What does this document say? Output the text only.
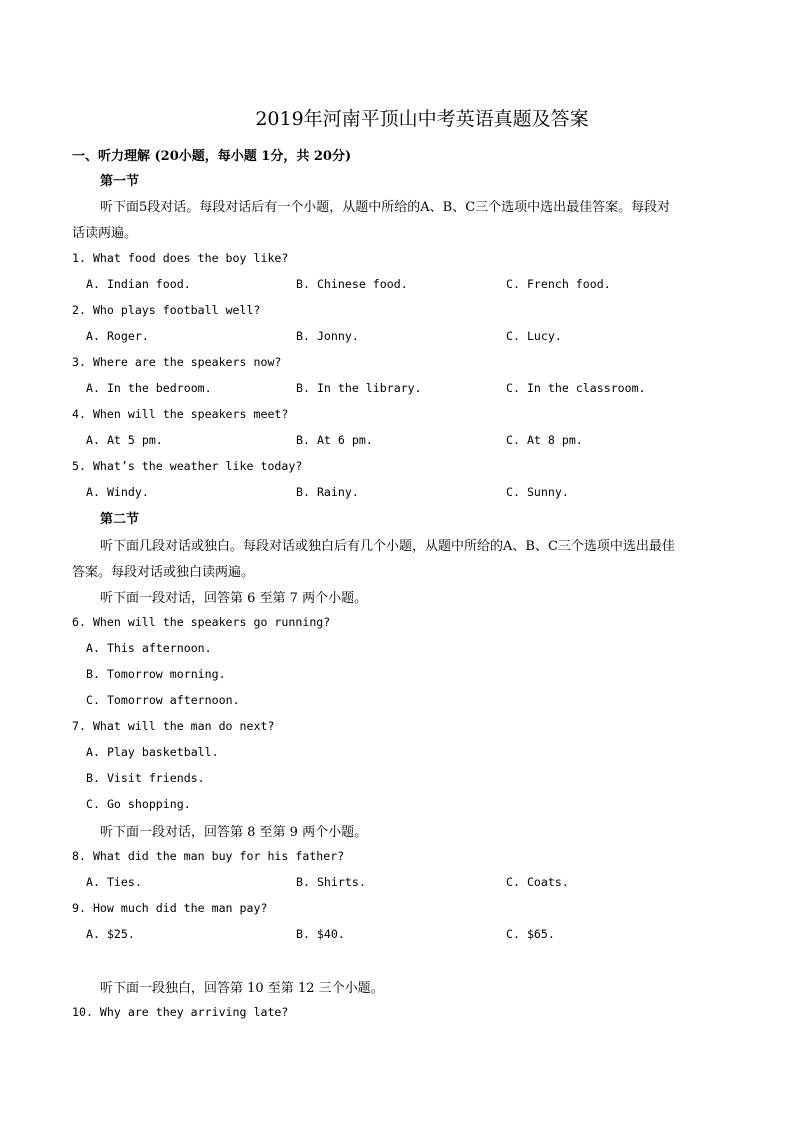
2019年河南平顶山中考英语真题及答案
一、听力理解 (20小题，每小题 1分，共 20分)
第一节
听下面5段对话。每段对话后有一个小题，从题中所给的A、B、C三个选项中选出最佳答案。每段对
话读两遍。
1. What food does the boy like?
A. Indian food.	B. Chinese food.	C. French food.
2. Who plays football well?
A. Roger.	B. Jonny.	C. Lucy.
3. Where are the speakers now?
A. In the bedroom.	B. In the library.	C. In the classroom.
4. When will the speakers meet?
A. At 5 pm.	B. At 6 pm.	C. At 8 pm.
5. What’s the weather like today?
A. Windy.	B. Rainy.	C. Sunny.
第二节
听下面几段对话或独白。每段对话或独白后有几个小题，从题中所给的A、B、C三个选项中选出最佳
答案。每段对话或独白读两遍。
听下面一段对话，回答第 6 至第 7 两个小题。
6. When will the speakers go running?
A. This afternoon.
B. Tomorrow morning.
C. Tomorrow afternoon.
7. What will the man do next?
A. Play basketball.
B. Visit friends.
C. Go shopping.
听下面一段对话，回答第 8 至第 9 两个小题。
8. What did the man buy for his father?
A. Ties.	B. Shirts.	C. Coats.
9. How much did the man pay?
A. $25.	B. $40.	C. $65.
听下面一段独白，回答第 10 至第 12 三个小题。
10. Why are they arriving late?
